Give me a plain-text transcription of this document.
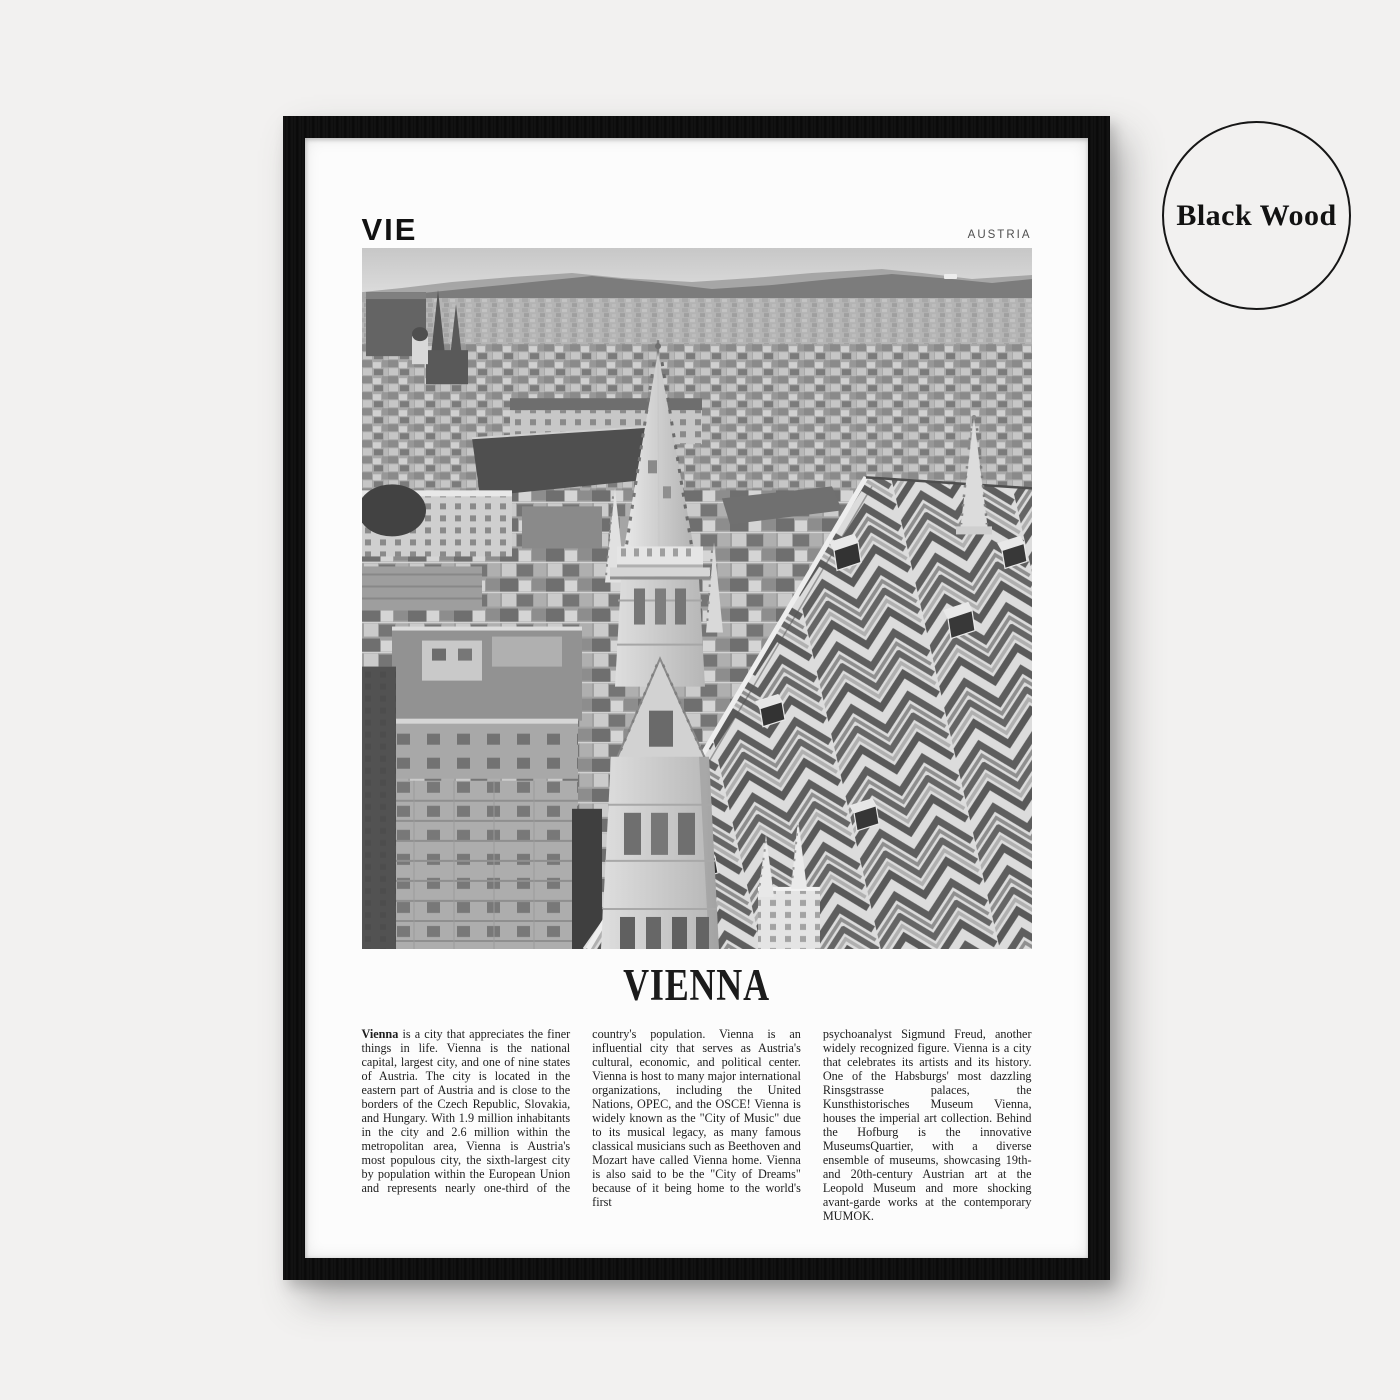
VIE	AUSTRIA
VIENNA

Vienna is a city that appreciates the finer things in life. Vienna is the national capital, largest city, and one of nine states of Austria. The city is located in the eastern part of Austria and is close to the borders of the Czech Republic, Slovakia, and Hungary. With 1.9 million inhabitants in the city and 2.6 million within the metropolitan area, Vienna is Austria's most populous city, the sixth-largest city by population within the European Union and represents nearly one-third of the

country's population. Vienna is an influential city that serves as Austria's cultural, economic, and political center. Vienna is host to many major international organizations, including the United Nations, OPEC, and the OSCE! Vienna is widely known as the "City of Music" due to its musical legacy, as many famous classical musicians such as Beethoven and Mozart have called Vienna home. Vienna is also said to be the "City of Dreams" because of it being home to the world's first

psychoanalyst Sigmund Freud, another widely recognized figure. Vienna is a city that celebrates its artists and its history. One of the Habsburgs' most dazzling Rinsgstrasse palaces, the Kunsthistorisches Museum Vienna, houses the imperial art collection. Behind the Hofburg is the innovative MuseumsQuartier, with a diverse ensemble of museums, showcasing 19th- and 20th-century Austrian art at the Leopold Museum and more shocking avant-garde works at the contemporary MUMOK.

Black Wood
